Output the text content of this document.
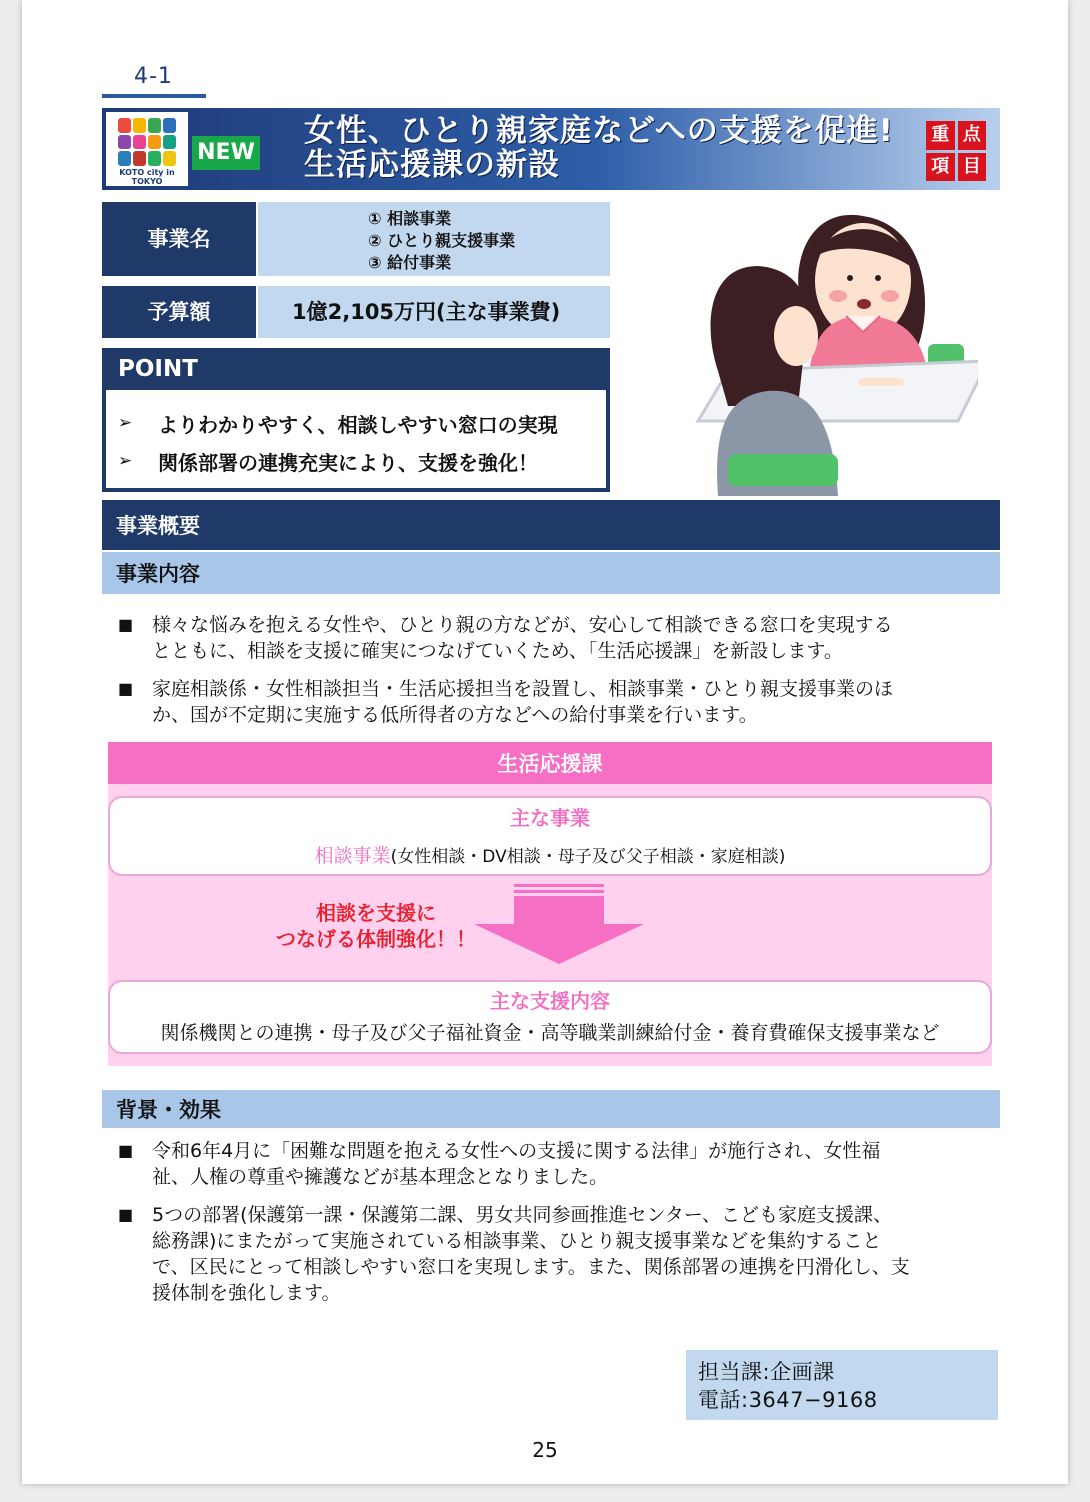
4-1
KOTO city in TOKYO
NEW
女性、ひとり親家庭などへの支援を促進!
生活応援課の新設
重 点
項 目
事業名
① 相談事業
② ひとり親支援事業
③ 給付事業
予算額	1億2,105万円(主な事業費)
POINT
➢	よりわかりやすく、相談しやすい窓口の実現
➢	関係部署の連携充実により、支援を強化！
事業概要
事業内容
■ 様々な悩みを抱える女性や、ひとり親の方などが、安心して相談できる窓口を実現する
とともに、相談を支援に確実につなげていくため、「生活応援課」を新設します。
■ 家庭相談係・女性相談担当・生活応援担当を設置し、相談事業・ひとり親支援事業のほ
か、国が不定期に実施する低所得者の方などへの給付事業を行います。
生活応援課
主な事業
相談事業(女性相談・DV相談・母子及び父子相談・家庭相談)
相談を支援に
つなげる体制強化！！
主な支援内容
関係機関との連携・母子及び父子福祉資金・高等職業訓練給付金・養育費確保支援事業など
背景・効果
■ 令和6年4月に「困難な問題を抱える女性への支援に関する法律」が施行され、女性福
祉、人権の尊重や擁護などが基本理念となりました。
■ 5つの部署(保護第一課・保護第二課、男女共同参画推進センター、こども家庭支援課、
総務課)にまたがって実施されている相談事業、ひとり親支援事業などを集約すること
で、区民にとって相談しやすい窓口を実現します。また、関係部署の連携を円滑化し、支
援体制を強化します。
担当課:企画課
電話:3647−9168
25
